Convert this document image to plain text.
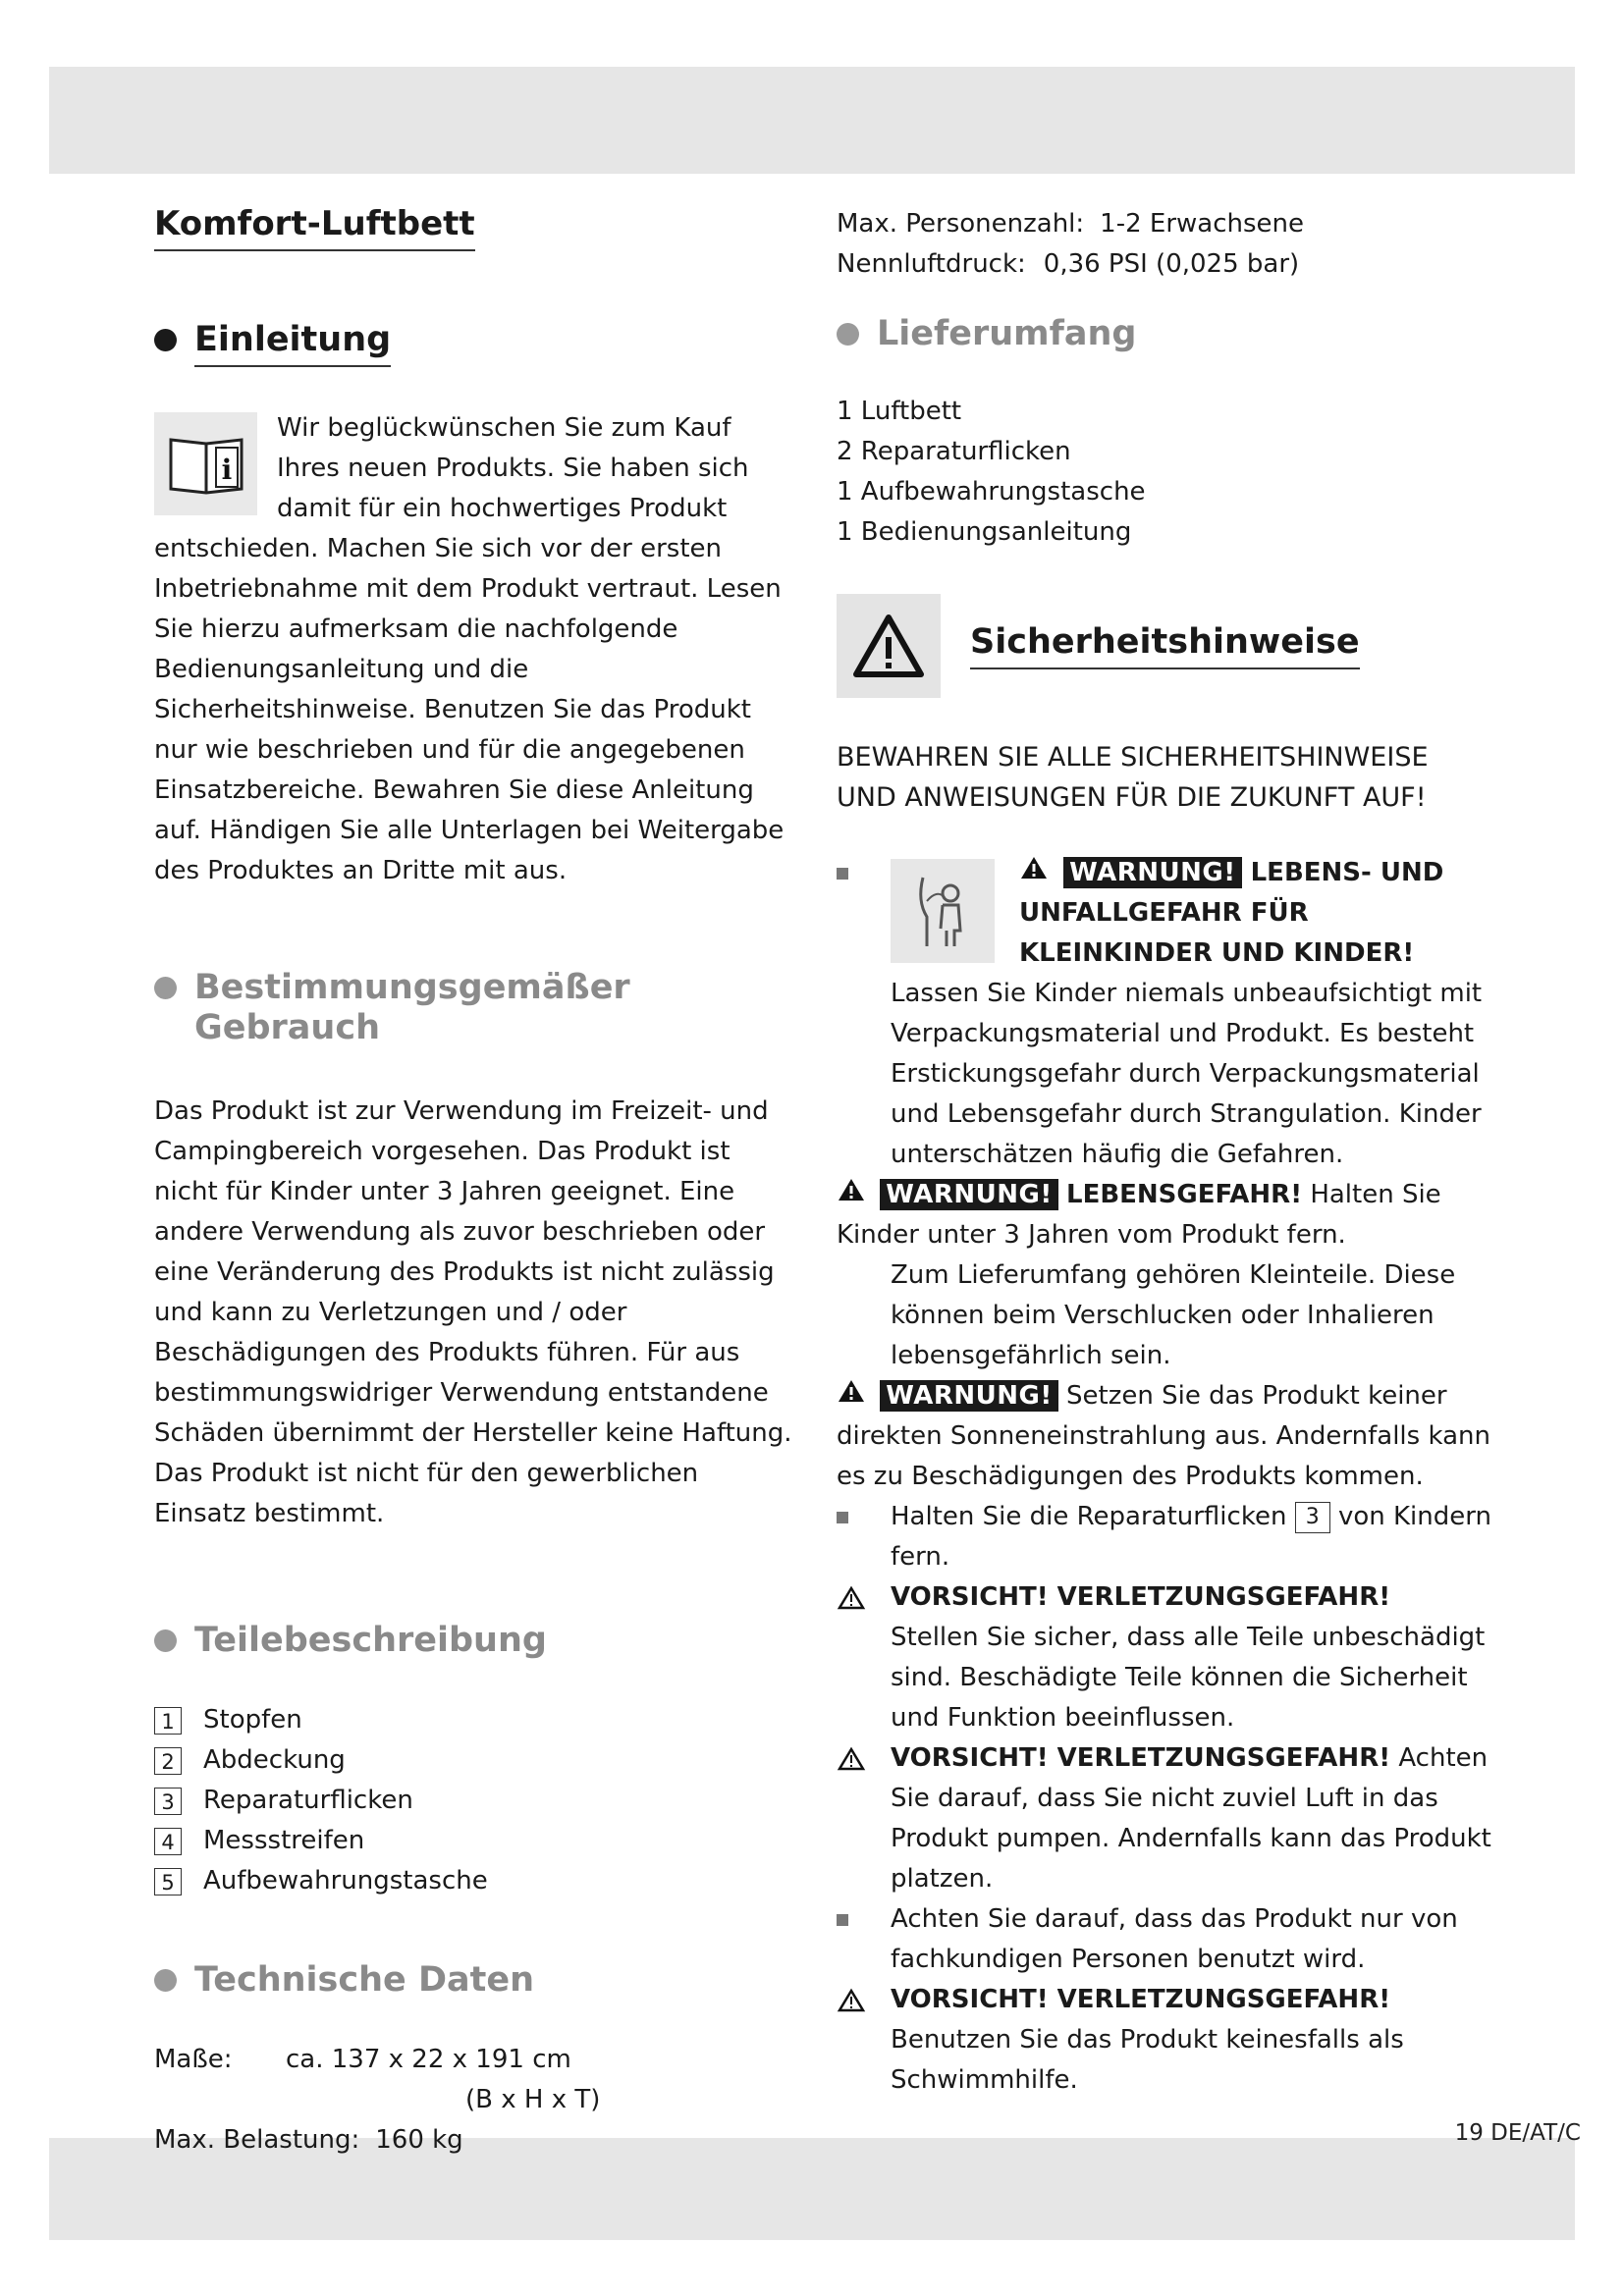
19 DE/AT/C
Komfort-Luftbett
Einleitung
i

Wir beglückwünschen Sie zum Kauf Ihres neuen Produkts. Sie haben sich damit für ein hochwertiges Produkt entschieden. Machen Sie sich vor der ersten Inbetriebnahme mit dem Produkt vertraut. Lesen Sie hierzu aufmerksam die nachfolgende Bedienungsanleitung und die Sicherheitshinweise. Benutzen Sie das Produkt nur wie beschrieben und für die angegebenen Einsatzbereiche. Bewahren Sie diese Anleitung auf. Händigen Sie alle Unterlagen bei Weitergabe des Produktes an Dritte mit aus.

Bestimmungsgemäßer
Gebrauch

Das Produkt ist zur Verwendung im Freizeit- und Campingbereich vorgesehen. Das Produkt ist nicht für Kinder unter 3 Jahren geeignet. Eine andere Verwendung als zuvor beschrieben oder eine Veränderung des Produkts ist nicht zulässig und kann zu Verletzungen und / oder Beschädigungen des Produkts führen. Für aus bestimmungswidriger Verwendung entstandene Schäden übernimmt der Hersteller keine Haftung. Das Produkt ist nicht für den gewerblichen Einsatz bestimmt.

Teilebeschreibung
1 Stopfen
2 Abdeckung
3 Reparaturflicken
4 Messstreifen
5 Aufbewahrungstasche
Technische Daten
Maße:	ca. 137 x 22 x 191 cm
(B x H x T)
Max. Belastung: 160 kg
Max. Personenzahl: 1-2 Erwachsene
Nennluftdruck: 0,36 PSI (0,025 bar)
Lieferumfang
1 Luftbett
2 Reparaturflicken
1 Aufbewahrungstasche
1 Bedienungsanleitung
Sicherheitshinweise
BEWAHREN SIE ALLE SICHERHEITSHINWEISE
UND ANWEISUNGEN FÜR DIE ZUKUNFT AUF!
WARNUNG! LEBENS- UND UNFALLGEFAHR FÜR KLEINKINDER UND KINDER!
Lassen Sie Kinder niemals unbeaufsichtigt mit Verpackungsmaterial und Produkt. Es besteht Erstickungsgefahr durch Verpackungsmaterial und Lebensgefahr durch Strangulation. Kinder unterschätzen häufig die Gefahren.
WARNUNG! LEBENSGEFAHR! Halten Sie Kinder unter 3 Jahren vom Produkt fern.
Zum Lieferumfang gehören Kleinteile. Diese können beim Verschlucken oder Inhalieren lebensgefährlich sein.
WARNUNG! Setzen Sie das Produkt keiner direkten Sonneneinstrahlung aus. Andernfalls kann es zu Beschädigungen des Produkts kommen.
Halten Sie die Reparaturflicken 3 von Kindern fern.
VORSICHT! VERLETZUNGSGEFAHR!
Stellen Sie sicher, dass alle Teile unbeschädigt sind. Beschädigte Teile können die Sicherheit und Funktion beeinflussen.
VORSICHT! VERLETZUNGSGEFAHR! Achten Sie darauf, dass Sie nicht zuviel Luft in das Produkt pumpen. Andernfalls kann das Produkt platzen.
Achten Sie darauf, dass das Produkt nur von fachkundigen Personen benutzt wird.
VORSICHT! VERLETZUNGSGEFAHR!
Benutzen Sie das Produkt keinesfalls als Schwimmhilfe.
